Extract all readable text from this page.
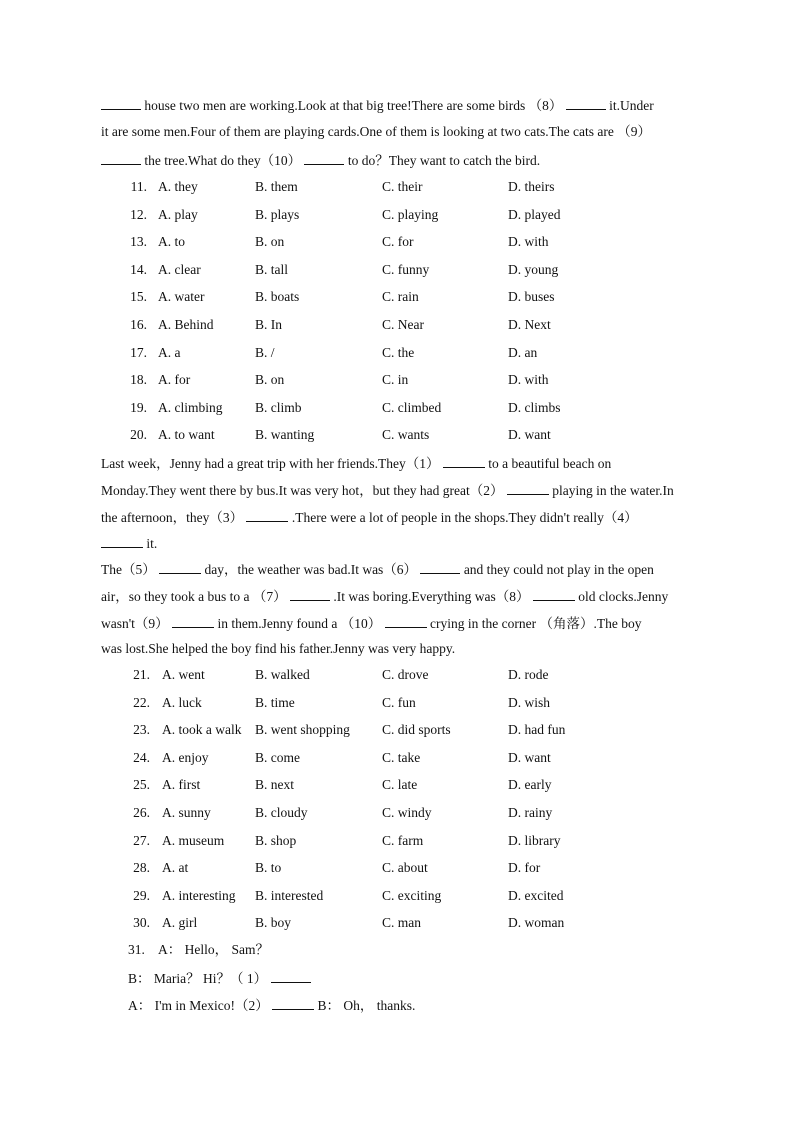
house two men are working.Look at that big tree!There are some birds （8）	it.Under
it are some men.Four of them are playing cards.One of them is looking at two cats.The cats are （9）
the tree.What do they（10）	to do？They want to catch the bird.
11. A. they	B. them	C. their	D. theirs
12. A. play	B. plays	C. playing	D. played
13. A. to	B. on	C. for	D. with
14. A. clear	B. tall	C. funny	D. young
15. A. water	B. boats	C. rain	D. buses
16. A. Behind	B. In	C. Near	D. Next
17. A. a	B. /	C. the	D. an
18. A. for	B. on	C. in	D. with
19. A. climbing B. climb	C. climbed	D. climbs
20. A. to want	B. wanting	C. wants	D. want
Last week，Jenny had a great trip with her friends.They（1）	to a beautiful beach on
Monday.They went there by bus.It was very hot，but they had great（2）	playing in the water.In
the afternoon，they（3）	.There were a lot of people in the shops.They didn't really（4）
it.
The（5）	day，the weather was bad.It was（6）	and they could not play in the open
air，so they took a bus to a （7）	.It was boring.Everything was（8）	old clocks.Jenny
wasn't（9）	in them.Jenny found a （10）	crying in the corner （角落）.The boy
was lost.She helped the boy find his father.Jenny was very happy.
21. A. went	B. walked	C. drove	D. rode
22. A. luck	B. time	C. fun	D. wish
23. A. took a walk B. went shopping C. did sports	D. had fun
24. A. enjoy	B. come	C. take	D. want
25. A. first	B. next	C. late	D. early
26. A. sunny	B. cloudy	C. windy	D. rainy
27. A. museum B. shop	C. farm	D. library
28. A. at	B. to	C. about	D. for
29. A. interesting B. interested	C. exciting	D. excited
30. A. girl	B. boy	C. man	D. woman
31. A： Hello， Sam？
B： Maria？ Hi？（ 1）
A： I'm in Mexico!（2）	B： Oh， thanks.
